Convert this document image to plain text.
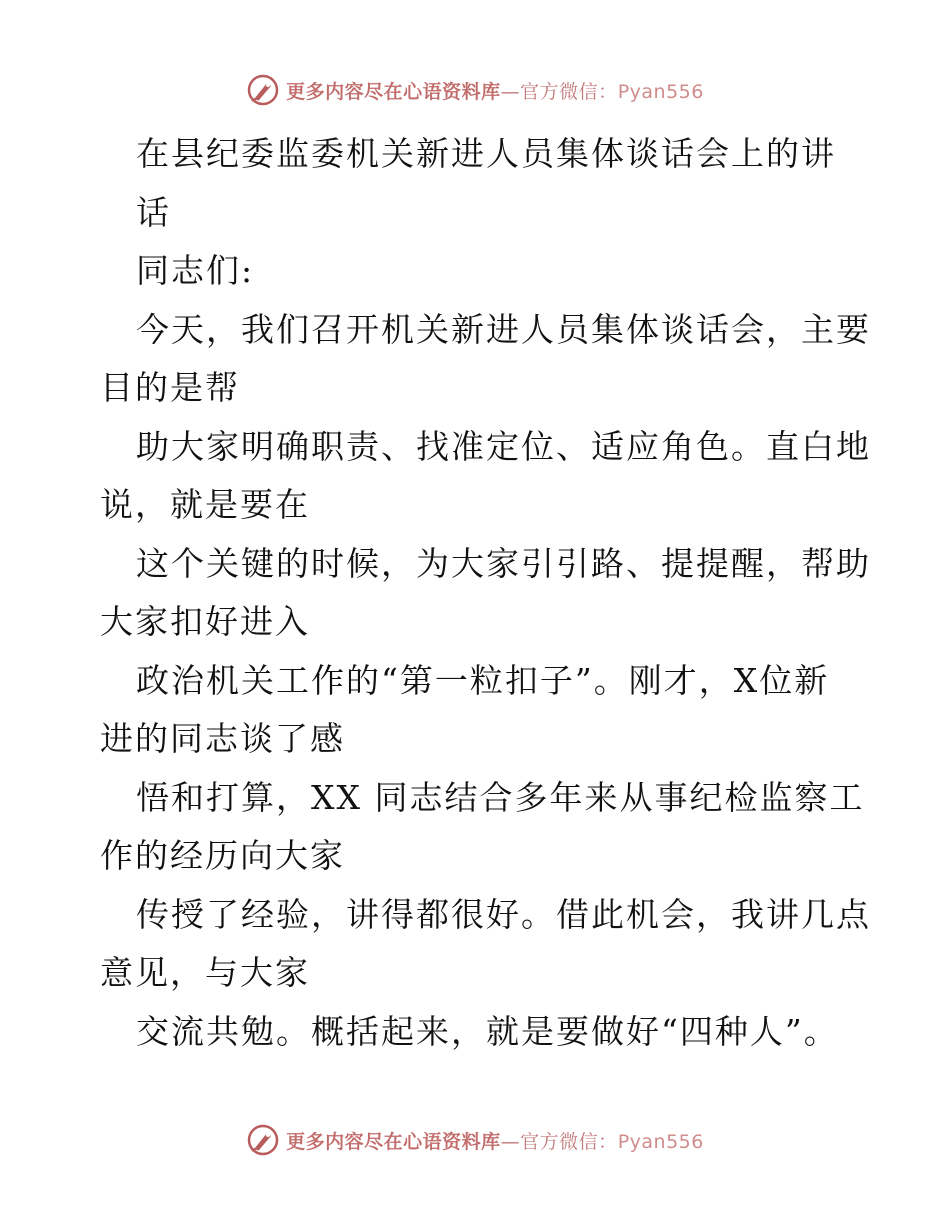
更多内容尽在心语资料库—官方微信：Pyan556
在县纪委监委机关新进人员集体谈话会上的讲
话
同志们:
今天，我们召开机关新进人员集体谈话会，主要
目的是帮
助大家明确职责、找准定位、适应角色。直白地
说，就是要在
这个关键的时候，为大家引引路、提提醒，帮助
大家扣好进入
政治机关工作的“第一粒扣子”。刚才，X位新
进的同志谈了感
悟和打算，XX 同志结合多年来从事纪检监察工
作的经历向大家
传授了经验，讲得都很好。借此机会，我讲几点
意见，与大家
交流共勉。概括起来，就是要做好“四种人”。
更多内容尽在心语资料库—官方微信：Pyan556
